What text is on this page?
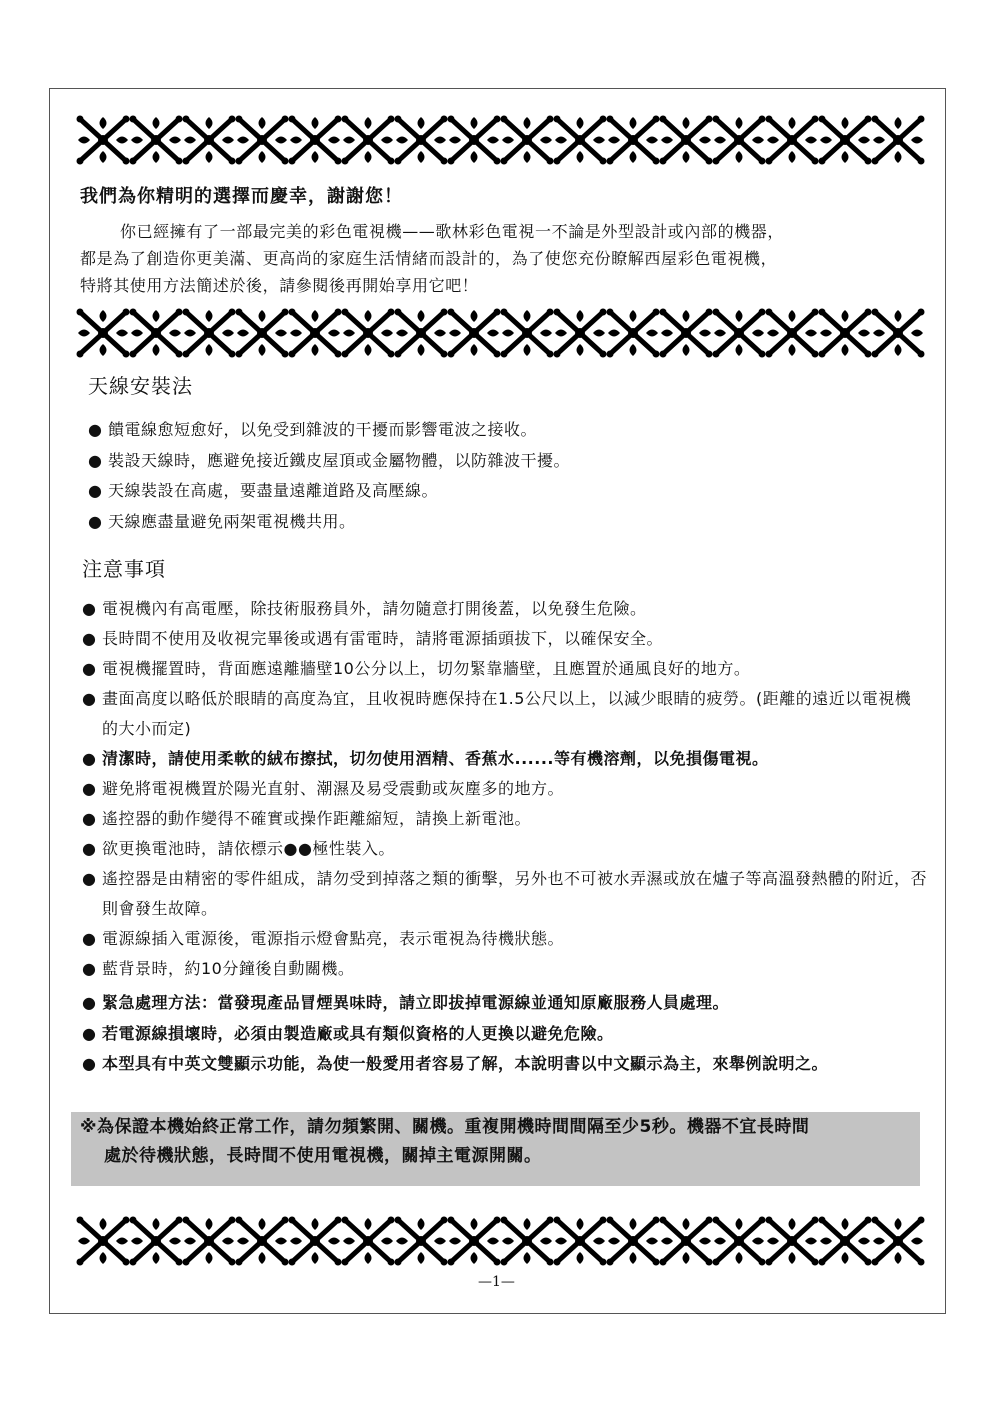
我們為你精明的選擇而慶幸，謝謝您！

你已經擁有了一部最完美的彩色電視機——歌林彩色電視一不論是外型設計或內部的機器，

都是為了創造你更美滿、更高尚的家庭生活情緒而設計的，為了使您充份瞭解西屋彩色電視機，

特將其使用方法簡述於後，請參閱後再開始享用它吧！

天線安裝法
● 饋電線愈短愈好，以免受到雜波的干擾而影響電波之接收。
● 裝設天線時，應避免接近鐵皮屋頂或金屬物體，以防雜波干擾。
● 天線裝設在高處，要盡量遠離道路及高壓線。
● 天線應盡量避免兩架電視機共用。
注意事項
● 電視機內有高電壓，除技術服務員外，請勿隨意打開後蓋，以免發生危險。
● 長時間不使用及收視完畢後或遇有雷電時，請將電源插頭拔下，以確保安全。
● 電視機擺置時，背面應遠離牆壁10公分以上，切勿緊靠牆壁，且應置於通風良好的地方。
● 畫面高度以略低於眼睛的高度為宜，且收視時應保持在1.5公尺以上，以減少眼睛的疲勞。(距離的遠近以電視機的大小而定)
● 清潔時，請使用柔軟的絨布擦拭，切勿使用酒精、香蕉水......等有機溶劑，以免損傷電視。
● 避免將電視機置於陽光直射、潮濕及易受震動或灰塵多的地方。
● 遙控器的動作變得不確實或操作距離縮短，請換上新電池。
● 欲更換電池時，請依標示●●極性裝入。
● 遙控器是由精密的零件組成，請勿受到掉落之類的衝擊，另外也不可被水弄濕或放在爐子等高溫發熱體的附近，否則會發生故障。
● 電源線插入電源後，電源指示燈會點亮，表示電視為待機狀態。
● 藍背景時，約10分鐘後自動關機。
● 緊急處理方法：當發現產品冒煙異味時，請立即拔掉電源線並通知原廠服務人員處理。
● 若電源線損壞時，必須由製造廠或具有類似資格的人更換以避免危險。
● 本型具有中英文雙顯示功能，為使一般愛用者容易了解，本說明書以中文顯示為主，來舉例說明之。
※為保證本機始終正常工作，請勿頻繁開、關機。重複開機時間間隔至少5秒。機器不宜長時間
處於待機狀態，長時間不使用電視機，關掉主電源開關。
—1—
